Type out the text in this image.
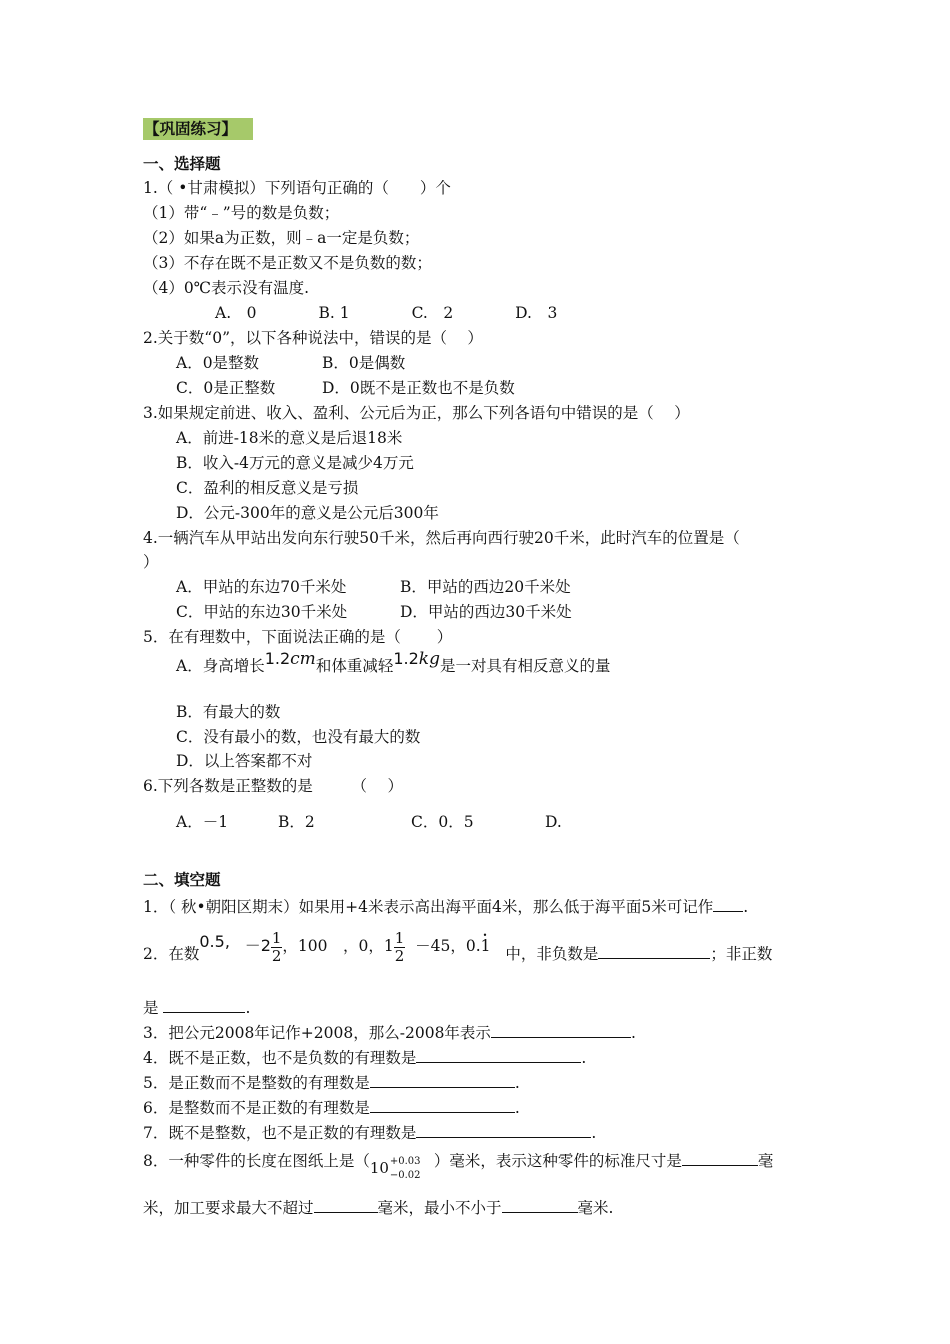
【巩固练习】
一、选择题
1.（ •甘肃模拟）下列语句正确的（　　）个
（1）带“﹣”号的数是负数；
（2）如果a为正数，则﹣a一定是负数；
（3）不存在既不是正数又不是负数的数；
（4）0℃表示没有温度.
A.　0　　　　B. 1　　　　C.　2　　　　D.　3
2.关于数“0”，以下各种说法中，错误的是（　 ）
A．0是整数	B．0是偶数
C．0是正整数	D．0既不是正数也不是负数
3.如果规定前进、收入、盈利、公元后为正，那么下列各语句中错误的是（　 ）
A．前进-18米的意义是后退18米
B．收入-4万元的意义是减少4万元
C．盈利的相反意义是亏损
D．公元-300年的意义是公元后300年
4.一辆汽车从甲站出发向东行驶50千米，然后再向西行驶20千米，此时汽车的位置是（
）
A．甲站的东边70千米处	B．甲站的西边20千米处
C．甲站的东边30千米处	D．甲站的西边30千米处
5．在有理数中，下面说法正确的是（　　 ）
A．身高增长1.2cm和体重减轻1.2kg是一对具有相反意义的量
B．有最大的数
C．没有最小的数，也没有最大的数
D．以上答案都不对
6.下列各数是正整数的是　　　（　 ）
A．－1	B．2	C．0．5	D.
二、填空题
1．（ 秋•朝阳区期末）如果用+4米表示高出海平面4米，那么低于海平面5米可记作 .
2．在数0.5, $-2 \frac{1}{2}$ ，100　，0，$1 \frac{1}{2} -45$，0.1 • 中，非负数是	；非正数
是	.
3．把公元2008年记作+2008，那么-2008年表示	.
4．既不是正数，也不是负数的有理数是	.
5．是正数而不是整数的有理数是	.
6．是整数而不是正数的有理数是	.
7．既不是整数，也不是正数的有理数是	.
8．一种零件的长度在图纸上是（ 10 +0.03
−0.02
）毫米，表示这种零件的标准尺寸是	毫
米，加工要求最大不超过	毫米，最小不小于	毫米.
